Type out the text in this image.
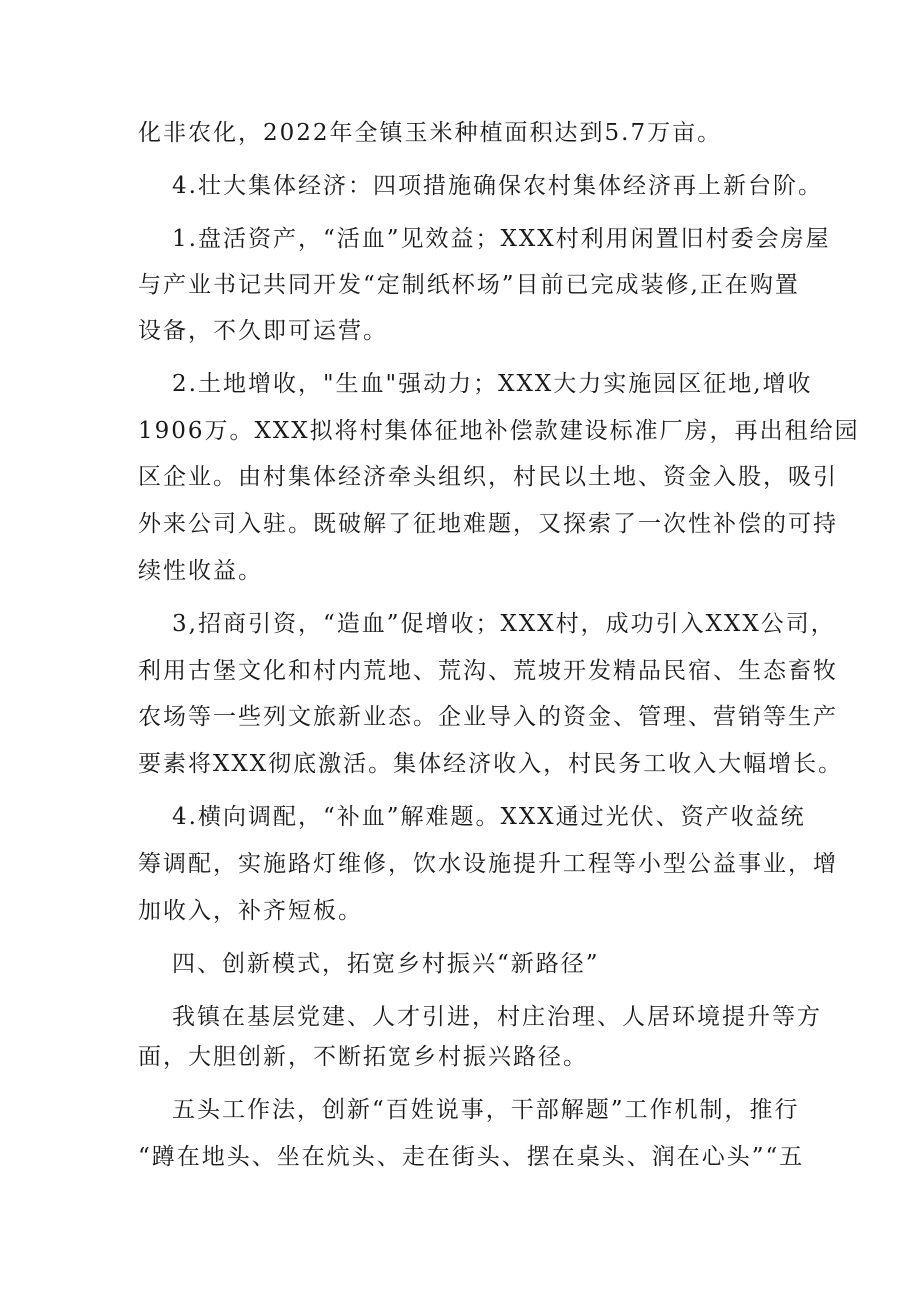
化非农化，2022年全镇玉米种植面积达到5.7万亩。

4.壮大集体经济：四项措施确保农村集体经济再上新台阶。

1.盘活资产，“活血”见效益；XXX村利用闲置旧村委会房屋

与产业书记共同开发“定制纸杯场”目前已完成装修,正在购置

设备，不久即可运营。

2.土地增收，"生血"强动力；XXX大力实施园区征地,增收

1906万。XXX拟将村集体征地补偿款建设标准厂房，再出租给园

区企业。由村集体经济牵头组织，村民以土地、资金入股，吸引

外来公司入驻。既破解了征地难题，又探索了一次性补偿的可持

续性收益。

3,招商引资，“造血”促增收；XXX村，成功引入XXX公司，

利用古堡文化和村内荒地、荒沟、荒坡开发精品民宿、生态畜牧

农场等一些列文旅新业态。企业导入的资金、管理、营销等生产

要素将XXX彻底激活。集体经济收入，村民务工收入大幅增长。

4.横向调配，“补血”解难题。XXX通过光伏、资产收益统

筹调配，实施路灯维修，饮水设施提升工程等小型公益事业，增

加收入，补齐短板。

四、创新模式，拓宽乡村振兴“新路径”

我镇在基层党建、人才引进，村庄治理、人居环境提升等方

面，大胆创新，不断拓宽乡村振兴路径。

五头工作法，创新“百姓说事，干部解题”工作机制，推行

“蹲在地头、坐在炕头、走在街头、摆在桌头、润在心头”“五
